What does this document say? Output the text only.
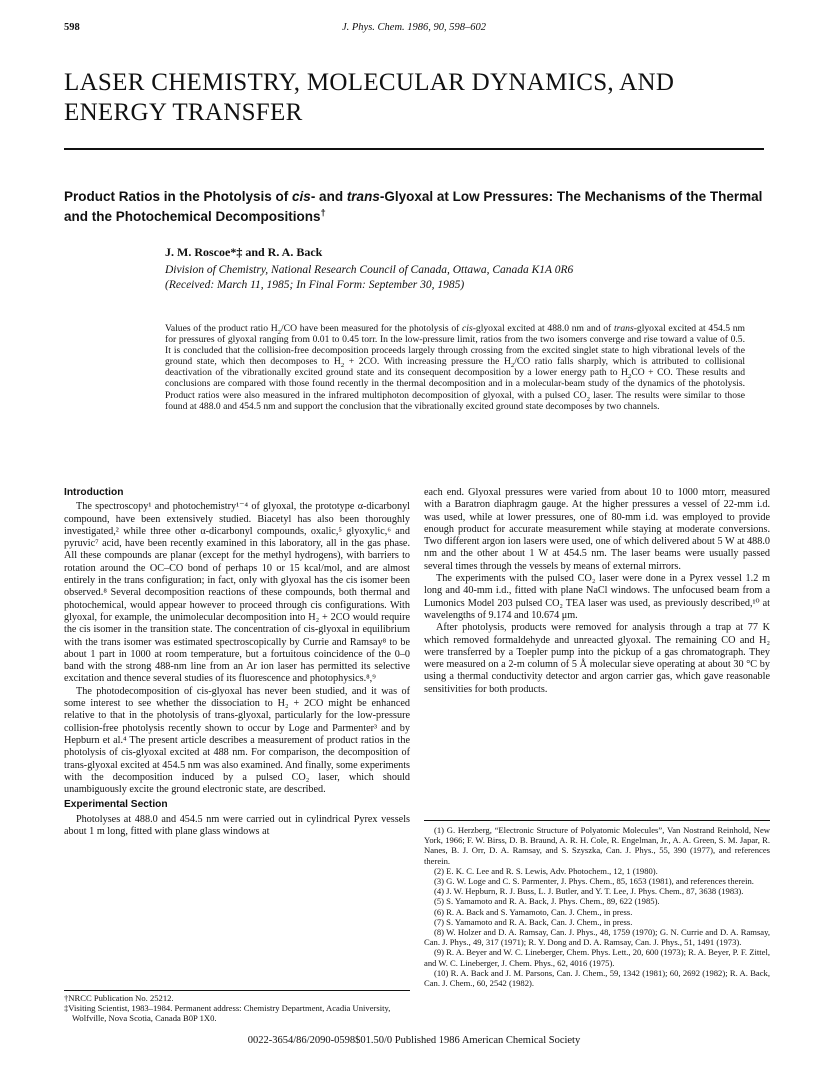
598	J. Phys. Chem. 1986, 90, 598–602
LASER CHEMISTRY, MOLECULAR DYNAMICS, AND ENERGY TRANSFER
Product Ratios in the Photolysis of cis- and trans-Glyoxal at Low Pressures: The Mechanisms of the Thermal and the Photochemical Decompositions†
J. M. Roscoe*‡ and R. A. Back
Division of Chemistry, National Research Council of Canada, Ottawa, Canada K1A 0R6
(Received: March 11, 1985; In Final Form: September 30, 1985)
Values of the product ratio $H_2/CO$ have been measured for the photolysis of cis-glyoxal excited at 488.0 nm and of trans-glyoxal excited at 454.5 nm for pressures of glyoxal ranging from 0.01 to 0.45 torr. In the low-pressure limit, ratios from the two isomers converge and rise toward a value of 0.5. It is concluded that the collision-free decomposition proceeds largely through crossing from the excited singlet state to high vibrational levels of the ground state, which then decomposes to $H_2 + 2CO$. With increasing pressure the $H_2/CO$ ratio falls sharply, which is attributed to collisional deactivation of the vibrationally excited ground state and its consequent decomposition by a lower energy path to $H_2CO$ + CO. These results and conclusions are compared with those found recently in the thermal decomposition and in a molecular-beam study of the dynamics of the photolysis. Product ratios were also measured in the infrared multiphoton decomposition of glyoxal, with a pulsed $CO_2$ laser. The results were similar to those found at 488.0 and 454.5 nm and support the conclusion that the vibrationally excited ground state decomposes by two channels.
Introduction

The spectroscopy¹ and photochemistry¹⁻⁴ of glyoxal, the prototype α-dicarbonyl compound, have been extensively studied. Biacetyl has also been thoroughly investigated,² while three other α-dicarbonyl compounds, oxalic,⁵ glyoxylic,⁶ and pyruvic⁷ acid, have been recently examined in this laboratory, all in the gas phase. All these compounds are planar (except for the methyl hydrogens), with barriers to rotation around the OC–CO bond of perhaps 10 or 15 kcal/mol, and are almost entirely in the trans configuration; in fact, only with glyoxal has the cis isomer been observed.⁸ Several decomposition reactions of these compounds, both thermal and photochemical, would appear however to proceed through cis configurations. With glyoxal, for example, the unimolecular decomposition into H₂ + 2CO would require the cis isomer in the transition state. The concentration of cis-glyoxal in equilibrium with the trans isomer was estimated spectroscopically by Currie and Ramsay⁸ to be about 1 part in 1000 at room temperature, but a fortuitous coincidence of the 0–0 band with the strong 488-nm line from an Ar ion laser has permitted its selective excitation and thence several studies of its fluorescence and photophysics.⁸,⁹

The photodecomposition of cis-glyoxal has never been studied, and it was of some interest to see whether the dissociation to H₂ + 2CO might be enhanced relative to that in the photolysis of trans-glyoxal, particularly for the low-pressure collision-free photolysis recently shown to occur by Loge and Parmenter³ and by Hepburn et al.⁴ The present article describes a measurement of product ratios in the photolysis of cis-glyoxal excited at 488 nm. For comparison, the decomposition of trans-glyoxal excited at 454.5 nm was also examined. And finally, some experiments with the decomposition induced by a pulsed CO₂ laser, which should unambiguously excite the ground electronic state, are described.

Experimental Section

Photolyses at 488.0 and 454.5 nm were carried out in cylindrical Pyrex vessels about 1 m long, fitted with plane glass windows at

†NRCC Publication No. 25212.
‡Visiting Scientist, 1983–1984. Permanent address: Chemistry Department, Acadia University, Wolfville, Nova Scotia, Canada B0P 1X0.

each end. Glyoxal pressures were varied from about 10 to 1000 mtorr, measured with a Baratron diaphragm gauge. At the higher pressures a vessel of 22-mm i.d. was used, while at lower pressures, one of 80-mm i.d. was employed to provide enough product for accurate measurement while staying at moderate conversions. Two different argon ion lasers were used, one of which delivered about 5 W at 488.0 nm and the other about 1 W at 454.5 nm. The laser beams were usually passed several times through the vessels by means of external mirrors.

The experiments with the pulsed CO₂ laser were done in a Pyrex vessel 1.2 m long and 40-mm i.d., fitted with plane NaCl windows. The unfocused beam from a Lumonics Model 203 pulsed CO₂ TEA laser was used, as previously described,¹⁰ at wavelengths of 9.174 and 10.674 μm.

After photolysis, products were removed for analysis through a trap at 77 K which removed formaldehyde and unreacted glyoxal. The remaining CO and H₂ were transferred by a Toepler pump into the pickup of a gas chromatograph. They were measured on a 2-m column of 5 Å molecular sieve operating at about 30 °C by using a thermal conductivity detector and argon carrier gas, which gave reasonable sensitivities for both products.

(1) G. Herzberg, “Electronic Structure of Polyatomic Molecules”, Van Nostrand Reinhold, New York, 1966; F. W. Birss, D. B. Braund, A. R. H. Cole, R. Engelman, Jr., A. A. Green, S. M. Japar, R. Nanes, B. J. Orr, D. A. Ramsay, and S. Szyszka, Can. J. Phys., 55, 390 (1977), and references therein.
(2) E. K. C. Lee and R. S. Lewis, Adv. Photochem., 12, 1 (1980).
(3) G. W. Loge and C. S. Parmenter, J. Phys. Chem., 85, 1653 (1981), and references therein.
(4) J. W. Hepburn, R. J. Buss, L. J. Butler, and Y. T. Lee, J. Phys. Chem., 87, 3638 (1983).
(5) S. Yamamoto and R. A. Back, J. Phys. Chem., 89, 622 (1985).
(6) R. A. Back and S. Yamamoto, Can. J. Chem., in press.
(7) S. Yamamoto and R. A. Back, Can. J. Chem., in press.
(8) W. Holzer and D. A. Ramsay, Can. J. Phys., 48, 1759 (1970); G. N. Currie and D. A. Ramsay, Can. J. Phys., 49, 317 (1971); R. Y. Dong and D. A. Ramsay, Can. J. Phys., 51, 1491 (1973).
(9) R. A. Beyer and W. C. Lineberger, Chem. Phys. Lett., 20, 600 (1973); R. A. Beyer, P. F. Zittel, and W. C. Lineberger, J. Chem. Phys., 62, 4016 (1975).
(10) R. A. Back and J. M. Parsons, Can. J. Chem., 59, 1342 (1981); 60, 2692 (1982); R. A. Back, Can. J. Chem., 60, 2542 (1982).
0022-3654/86/2090-0598$01.50/0 Published 1986 American Chemical Society
